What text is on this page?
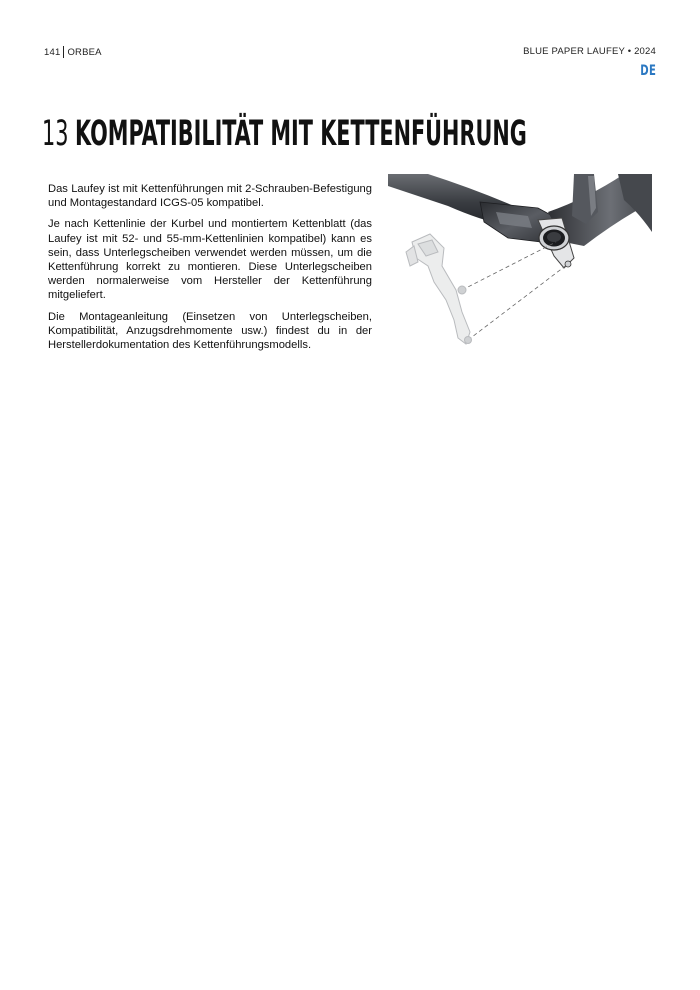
141 ORBEA	BLUE PAPER LAUFEY • 2024
DE
13 KOMPATIBILITÄT MIT KETTENFÜHRUNG

Das Laufey ist mit Kettenführungen mit 2-Schrauben-Befestigung und Montagestandard ICGS-05 kompatibel.

Je nach Kettenlinie der Kurbel und montiertem Kettenblatt (das Laufey ist mit 52- und 55-mm-Kettenlinien kompatibel) kann es sein, dass Unterlegscheiben verwendet werden müssen, um die Kettenführung korrekt zu montieren. Diese Unterlegscheiben werden normalerweise vom Hersteller der Kettenführung mitgeliefert.

Die Montageanleitung (Einsetzen von Unterlegscheiben, Kompatibilität, Anzugsdrehmomente usw.) findest du in der Herstellerdokumentation des Kettenführungsmodells.
